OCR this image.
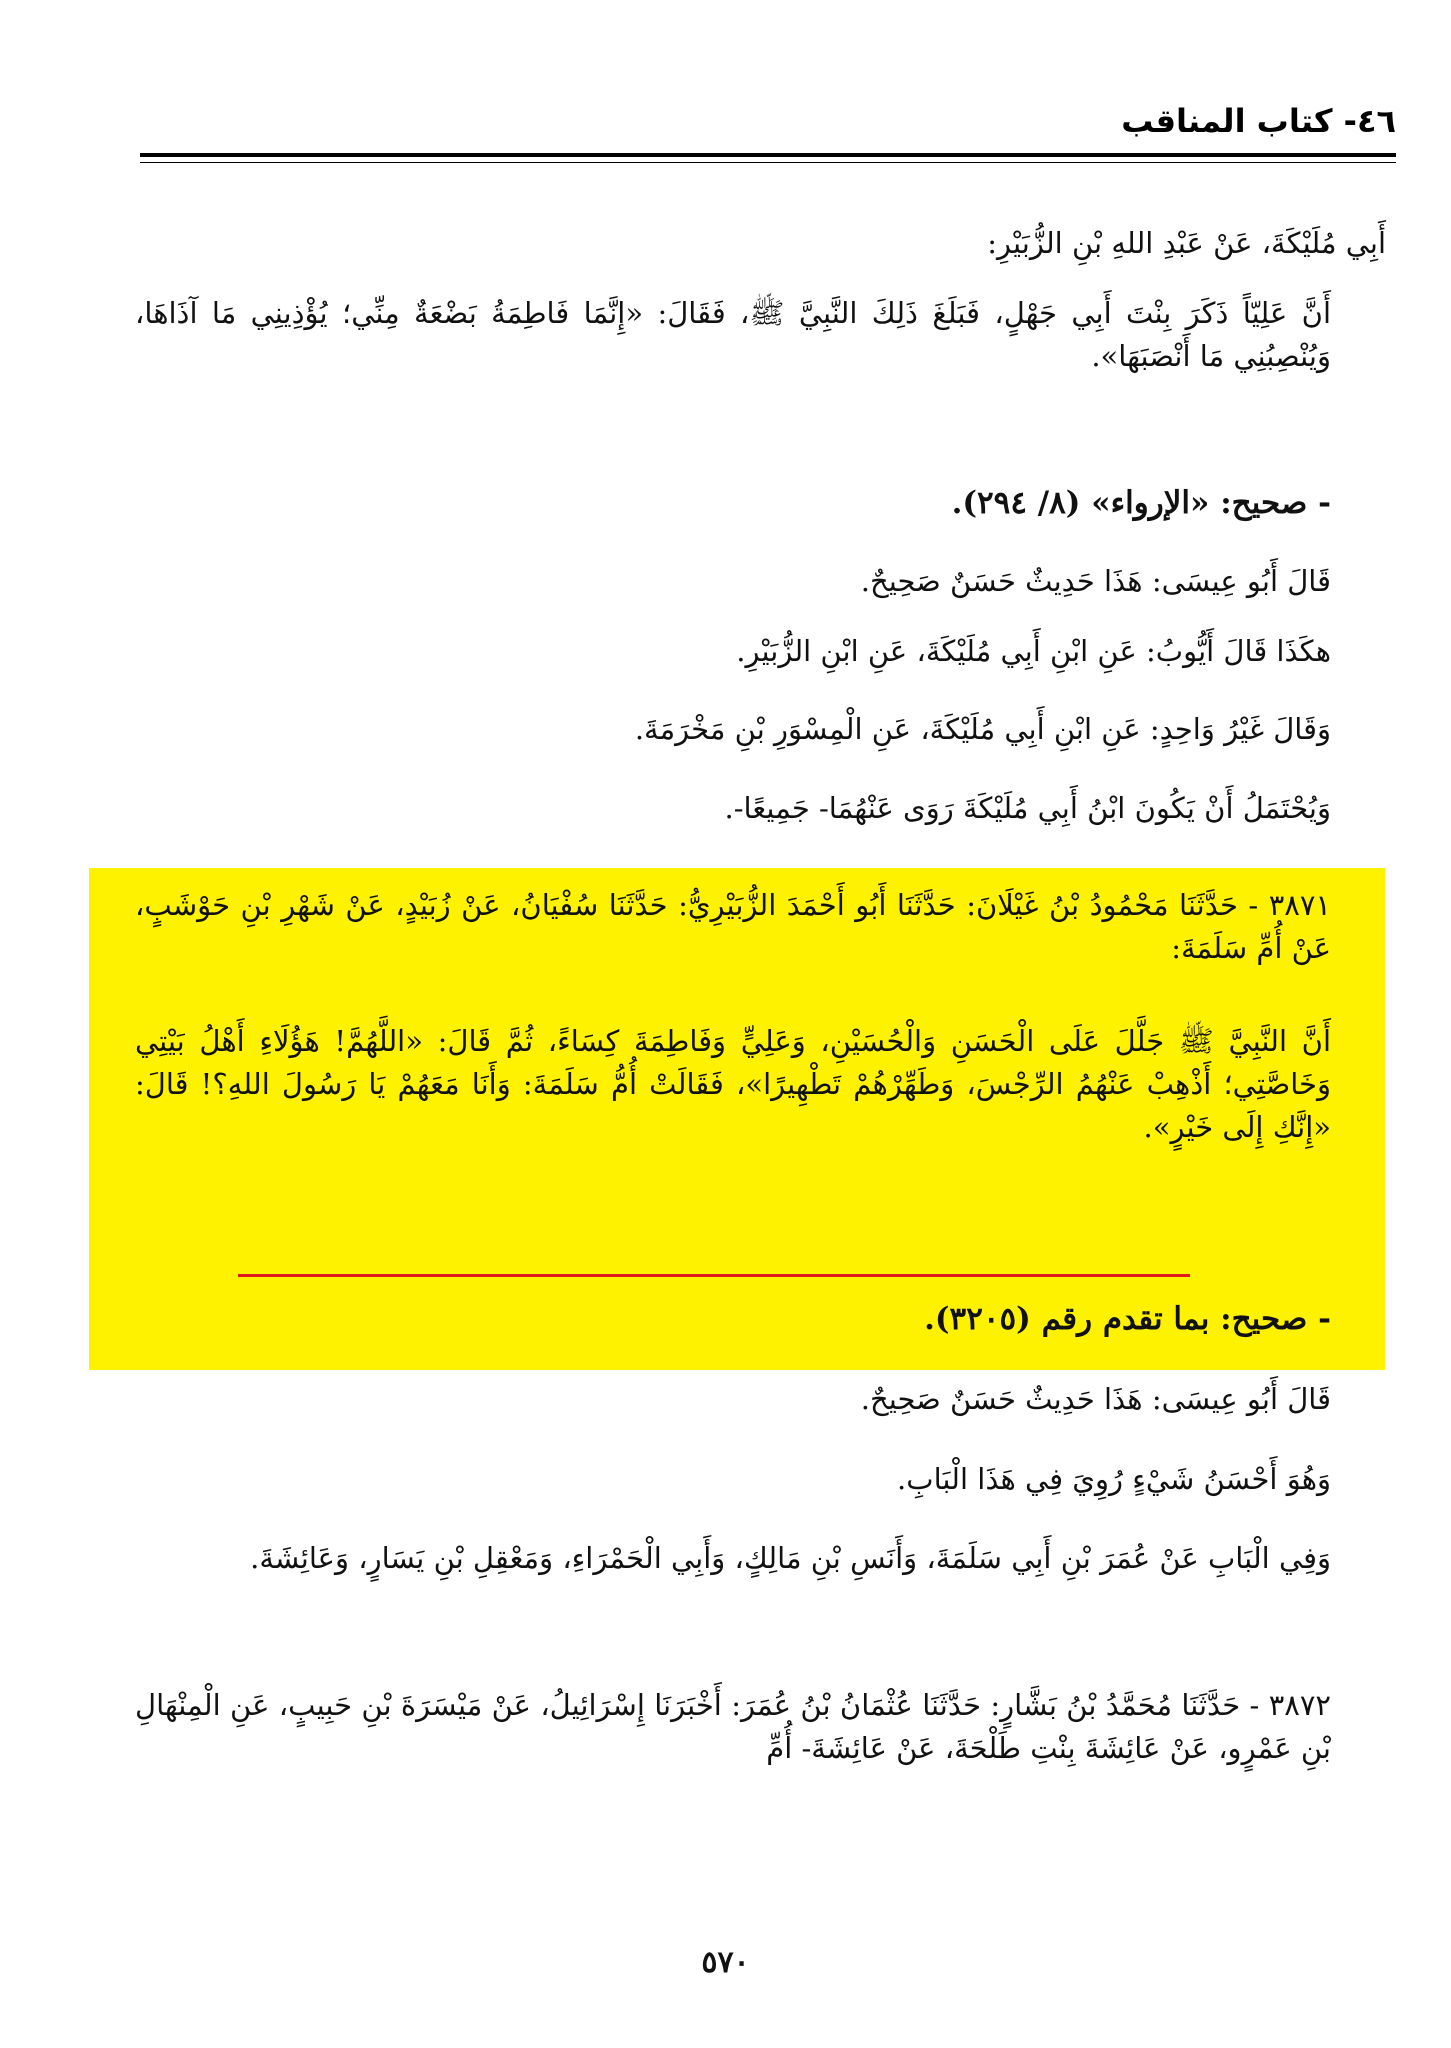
٤٦- كتاب المناقب
أَبِي مُلَيْكَةَ، عَنْ عَبْدِ اللهِ بْنِ الزُّبَيْرِ:
أَنَّ عَلِيّاً ذَكَرَ بِنْتَ أَبِي جَهْلٍ، فَبَلَغَ ذَلِكَ النَّبِيَّ ﷺ، فَقَالَ: «إِنَّمَا فَاطِمَةُ بَضْعَةٌ مِنِّي؛ يُؤْذِينِي مَا آذَاهَا، وَيُنْصِبُنِي مَا أَنْصَبَهَا».
- صحيح: «الإرواء» (٨/ ٢٩٤).
قَالَ أَبُو عِيسَى: هَذَا حَدِيثٌ حَسَنٌ صَحِيحٌ.
هكَذَا قَالَ أَيُّوبُ: عَنِ ابْنِ أَبِي مُلَيْكَةَ، عَنِ ابْنِ الزُّبَيْرِ.
وَقَالَ غَيْرُ وَاحِدٍ: عَنِ ابْنِ أَبِي مُلَيْكَةَ، عَنِ الْمِسْوَرِ بْنِ مَخْرَمَةَ.
وَيُحْتَمَلُ أَنْ يَكُونَ ابْنُ أَبِي مُلَيْكَةَ رَوَى عَنْهُمَا- جَمِيعًا-.
٣٨٧١ - حَدَّثَنَا مَحْمُودُ بْنُ غَيْلَانَ: حَدَّثَنَا أَبُو أَحْمَدَ الزُّبَيْرِيُّ: حَدَّثَنَا سُفْيَانُ، عَنْ زُبَيْدٍ، عَنْ شَهْرِ بْنِ حَوْشَبٍ، عَنْ أُمِّ سَلَمَةَ:
أَنَّ النَّبِيَّ ﷺ جَلَّلَ عَلَى الْحَسَنِ وَالْحُسَيْنِ، وَعَلِيٍّ وَفَاطِمَةَ كِسَاءً، ثُمَّ قَالَ: «اللَّهُمَّ! هَؤُلَاءِ أَهْلُ بَيْتِي وَخَاصَّتِي؛ أَذْهِبْ عَنْهُمُ الرِّجْسَ، وَطَهِّرْهُمْ تَطْهِيرًا»، فَقَالَتْ أُمُّ سَلَمَةَ: وَأَنَا مَعَهُمْ يَا رَسُولَ اللهِ؟! قَالَ: «إِنَّكِ إِلَى خَيْرٍ».
- صحيح: بما تقدم رقم (٣٢٠٥).
قَالَ أَبُو عِيسَى: هَذَا حَدِيثٌ حَسَنٌ صَحِيحٌ.
وَهُوَ أَحْسَنُ شَيْءٍ رُوِيَ فِي هَذَا الْبَابِ.
وَفِي الْبَابِ عَنْ عُمَرَ بْنِ أَبِي سَلَمَةَ، وَأَنَسِ بْنِ مَالِكٍ، وَأَبِي الْحَمْرَاءِ، وَمَعْقِلِ بْنِ يَسَارٍ، وَعَائِشَةَ.
٣٨٧٢ - حَدَّثَنَا مُحَمَّدُ بْنُ بَشَّارٍ: حَدَّثَنَا عُثْمَانُ بْنُ عُمَرَ: أَخْبَرَنَا إِسْرَائِيلُ، عَنْ مَيْسَرَةَ بْنِ حَبِيبٍ، عَنِ الْمِنْهَالِ بْنِ عَمْرٍو، عَنْ عَائِشَةَ بِنْتِ طَلْحَةَ، عَنْ عَائِشَةَ- أُمِّ
٥٧٠
